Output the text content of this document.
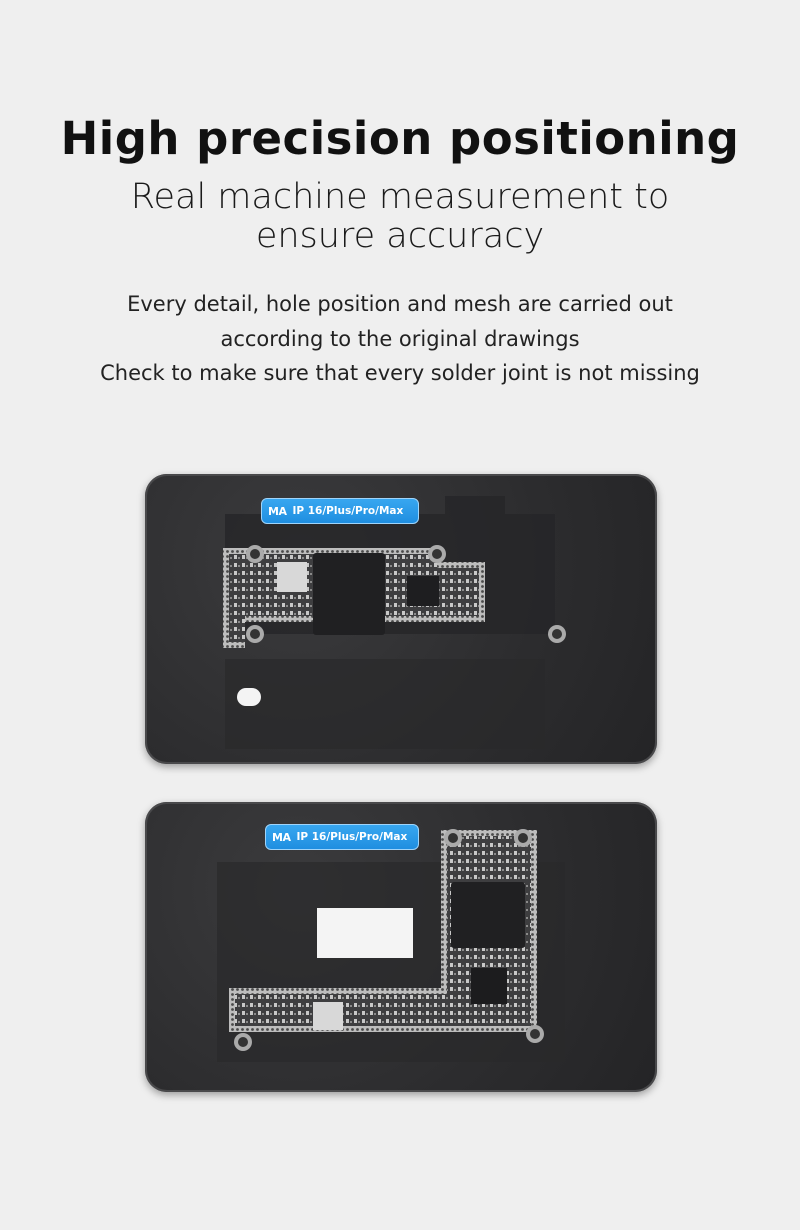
High precision positioning
Real machine measurement to
ensure accuracy
Every detail, hole position and mesh are carried out
according to the original drawings
Check to make sure that every solder joint is not missing
MA IP 16/Plus/Pro/Max
MA IP 16/Plus/Pro/Max
